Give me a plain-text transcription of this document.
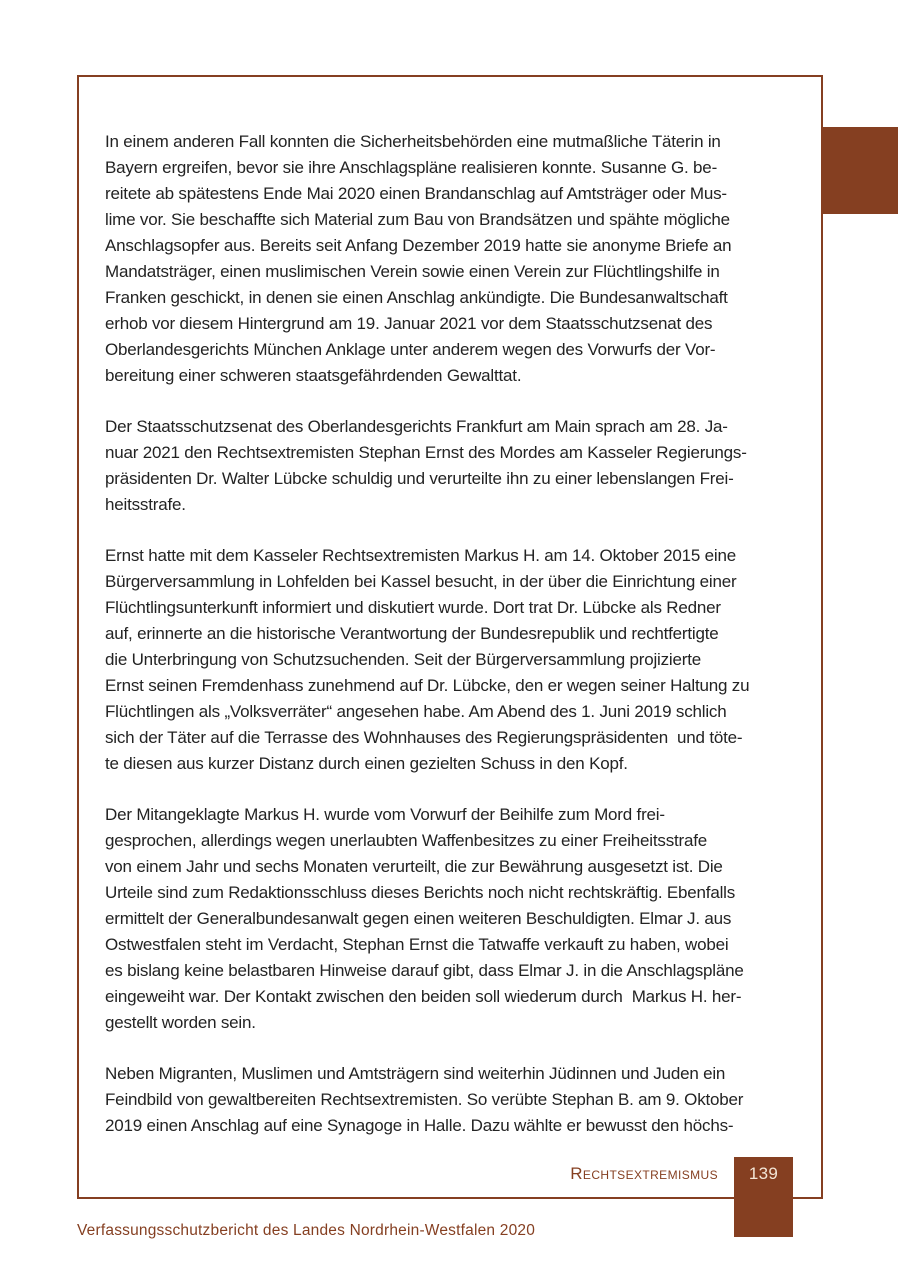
In einem anderen Fall konnten die Sicherheitsbehörden eine mutmaßliche Täterin in
Bayern ergreifen, bevor sie ihre Anschlagspläne realisieren konnte. Susanne G. be-
reitete ab spätestens Ende Mai 2020 einen Brandanschlag auf Amtsträger oder Mus-
lime vor. Sie beschaffte sich Material zum Bau von Brandsätzen und spähte mögliche
Anschlagsopfer aus. Bereits seit Anfang Dezember 2019 hatte sie anonyme Briefe an
Mandatsträger, einen muslimischen Verein sowie einen Verein zur Flüchtlingshilfe in
Franken geschickt, in denen sie einen Anschlag ankündigte. Die Bundesanwaltschaft
erhob vor diesem Hintergrund am 19. Januar 2021 vor dem Staatsschutzsenat des
Oberlandesgerichts München Anklage unter anderem wegen des Vorwurfs der Vor-
bereitung einer schweren staatsgefährdenden Gewalttat.
Der Staatsschutzsenat des Oberlandesgerichts Frankfurt am Main sprach am 28. Ja-
nuar 2021 den Rechtsextremisten Stephan Ernst des Mordes am Kasseler Regierungs-
präsidenten Dr. Walter Lübcke schuldig und verurteilte ihn zu einer lebenslangen Frei-
heitsstrafe.
Ernst hatte mit dem Kasseler Rechtsextremisten Markus H. am 14. Oktober 2015 eine
Bürgerversammlung in Lohfelden bei Kassel besucht, in der über die Einrichtung einer
Flüchtlingsunterkunft informiert und diskutiert wurde. Dort trat Dr. Lübcke als Redner
auf, erinnerte an die historische Verantwortung der Bundesrepublik und rechtfertigte
die Unterbringung von Schutzsuchenden. Seit der Bürgerversammlung projizierte
Ernst seinen Fremdenhass zunehmend auf Dr. Lübcke, den er wegen seiner Haltung zu
Flüchtlingen als „Volksverräter“ angesehen habe. Am Abend des 1. Juni 2019 schlich
sich der Täter auf die Terrasse des Wohnhauses des Regierungspräsidenten  und töte-
te diesen aus kurzer Distanz durch einen gezielten Schuss in den Kopf.
Der Mitangeklagte Markus H. wurde vom Vorwurf der Beihilfe zum Mord frei-
gesprochen, allerdings wegen unerlaubten Waffenbesitzes zu einer Freiheitsstrafe
von einem Jahr und sechs Monaten verurteilt, die zur Bewährung ausgesetzt ist. Die
Urteile sind zum Redaktionsschluss dieses Berichts noch nicht rechtskräftig. Ebenfalls
ermittelt der Generalbundesanwalt gegen einen weiteren Beschuldigten. Elmar J. aus
Ostwestfalen steht im Verdacht, Stephan Ernst die Tatwaffe verkauft zu haben, wobei
es bislang keine belastbaren Hinweise darauf gibt, dass Elmar J. in die Anschlagspläne
eingeweiht war. Der Kontakt zwischen den beiden soll wiederum durch  Markus H. her-
gestellt worden sein.
Neben Migranten, Muslimen und Amtsträgern sind weiterhin Jüdinnen und Juden ein
Feindbild von gewaltbereiten Rechtsextremisten. So verübte Stephan B. am 9. Oktober
2019 einen Anschlag auf eine Synagoge in Halle. Dazu wählte er bewusst den höchs-
Rechtsextremismus	139
Verfassungsschutzbericht des Landes Nordrhein-Westfalen 2020
